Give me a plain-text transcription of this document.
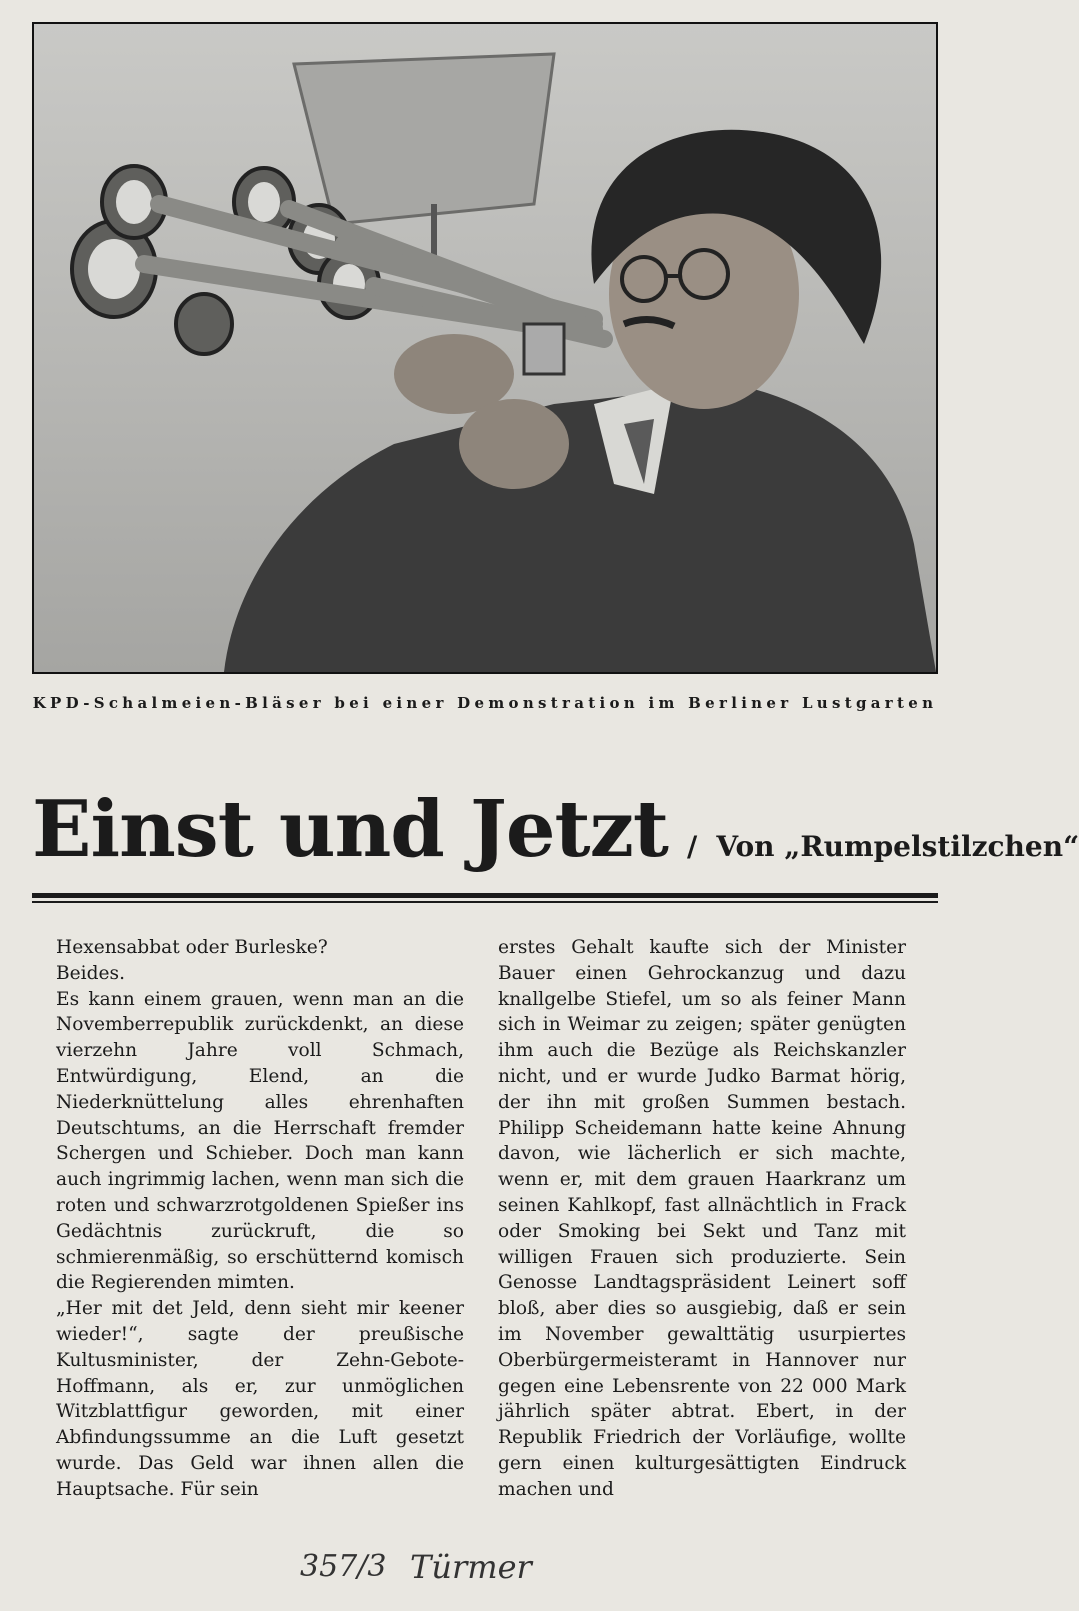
KPD-Schalmeien-Bläser bei einer Demonstration im Berliner Lustgarten
Einst und Jetzt / Von „Rumpelstilzchen“

Hexensabbat oder Burleske?

Beides.

Es kann einem grauen, wenn man an die Novemberrepublik zurückdenkt, an diese vierzehn Jahre voll Schmach, Entwürdigung, Elend, an die Niederknüttelung alles ehrenhaften Deutschtums, an die Herrschaft fremder Schergen und Schieber. Doch man kann auch ingrimmig lachen, wenn man sich die roten und schwarzrotgoldenen Spießer ins Gedächtnis zurückruft, die so schmierenmäßig, so erschütternd komisch die Regierenden mimten.

„Her mit det Jeld, denn sieht mir keener wieder!“, sagte der preußische Kultusminister, der Zehn-Gebote-Hoffmann, als er, zur unmöglichen Witzblattfigur geworden, mit einer Abfindungssumme an die Luft gesetzt wurde. Das Geld war ihnen allen die Hauptsache. Für sein

erstes Gehalt kaufte sich der Minister Bauer einen Gehrockanzug und dazu knallgelbe Stiefel, um so als feiner Mann sich in Weimar zu zeigen; später genügten ihm auch die Bezüge als Reichskanzler nicht, und er wurde Judko Barmat hörig, der ihn mit großen Summen bestach. Philipp Scheidemann hatte keine Ahnung davon, wie lächerlich er sich machte, wenn er, mit dem grauen Haarkranz um seinen Kahlkopf, fast allnächtlich in Frack oder Smoking bei Sekt und Tanz mit willigen Frauen sich produzierte. Sein Genosse Landtagspräsident Leinert soff bloß, aber dies so ausgiebig, daß er sein im November gewalttätig usurpiertes Oberbürgermeisteramt in Hannover nur gegen eine Lebensrente von 22 000 Mark jährlich später abtrat. Ebert, in der Republik Friedrich der Vorläufige, wollte gern einen kulturgesättigten Eindruck machen und

357/3 Türmer
